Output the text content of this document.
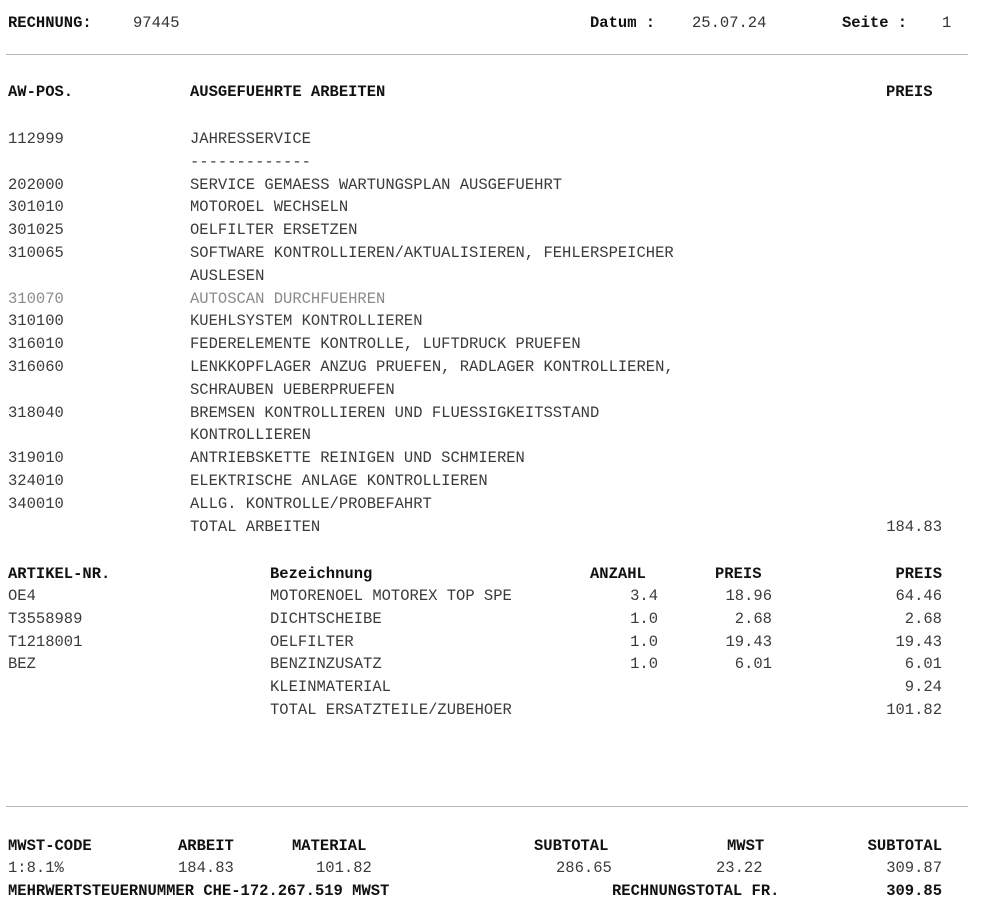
RECHNUNG:	97445	Datum : 25.07.24	Seite : 1
AW-POS.	AUSGEFUEHRTE ARBEITEN	PREIS
112999	JAHRESSERVICE
-------------
202000	SERVICE GEMAESS WARTUNGSPLAN AUSGEFUEHRT
301010	MOTOROEL WECHSELN
301025	OELFILTER ERSETZEN
310065	SOFTWARE KONTROLLIEREN/AKTUALISIEREN, FEHLERSPEICHER
AUSLESEN
310070	AUTOSCAN DURCHFUEHREN
310100	KUEHLSYSTEM KONTROLLIEREN
316010	FEDERELEMENTE KONTROLLE, LUFTDRUCK PRUEFEN
316060	LENKKOPFLAGER ANZUG PRUEFEN, RADLAGER KONTROLLIEREN,
SCHRAUBEN UEBERPRUEFEN
318040	BREMSEN KONTROLLIEREN UND FLUESSIGKEITSSTAND
KONTROLLIEREN
319010	ANTRIEBSKETTE REINIGEN UND SCHMIEREN
324010	ELEKTRISCHE ANLAGE KONTROLLIEREN
340010	ALLG. KONTROLLE/PROBEFAHRT
TOTAL ARBEITEN	184.83
ARTIKEL-NR.	Bezeichnung	ANZAHL	PREIS	PREIS
OE4	MOTORENOEL MOTOREX TOP SPE	3.4	18.96	64.46
T3558989	DICHTSCHEIBE	1.0	2.68	2.68
T1218001	OELFILTER	1.0	19.43	19.43
BEZ	BENZINZUSATZ	1.0	6.01	6.01
KLEINMATERIAL	9.24
TOTAL ERSATZTEILE/ZUBEHOER	101.82
MWST-CODE	ARBEIT	MATERIAL	SUBTOTAL	MWST	SUBTOTAL
1:8.1%	184.83	101.82	286.65	23.22	309.87
MEHRWERTSTEUERNUMMER CHE-172.267.519 MWST	RECHNUNGSTOTAL FR.	309.85
